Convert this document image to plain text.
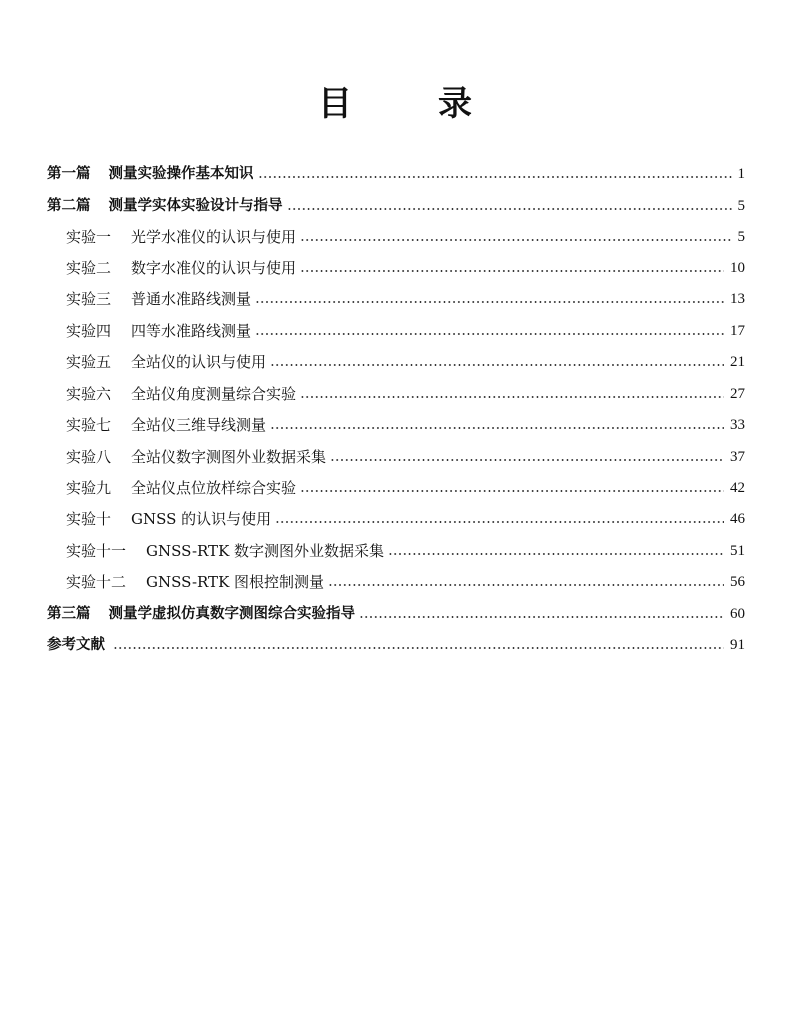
目	录
第一篇 测量实验操作基本知识	1
第二篇 测量学实体实验设计与指导	5
实验一 光学水准仪的认识与使用	5
实验二 数字水准仪的认识与使用	10
实验三 普通水准路线测量	13
实验四 四等水准路线测量	17
实验五 全站仪的认识与使用	21
实验六 全站仪角度测量综合实验	27
实验七 全站仪三维导线测量	33
实验八 全站仪数字测图外业数据采集	37
实验九 全站仪点位放样综合实验	42
实验十 GNSS 的认识与使用	46
实验十一 GNSS-RTK 数字测图外业数据采集	51
实验十二 GNSS-RTK 图根控制测量	56
第三篇 测量学虚拟仿真数字测图综合实验指导	60
参考文献	91
